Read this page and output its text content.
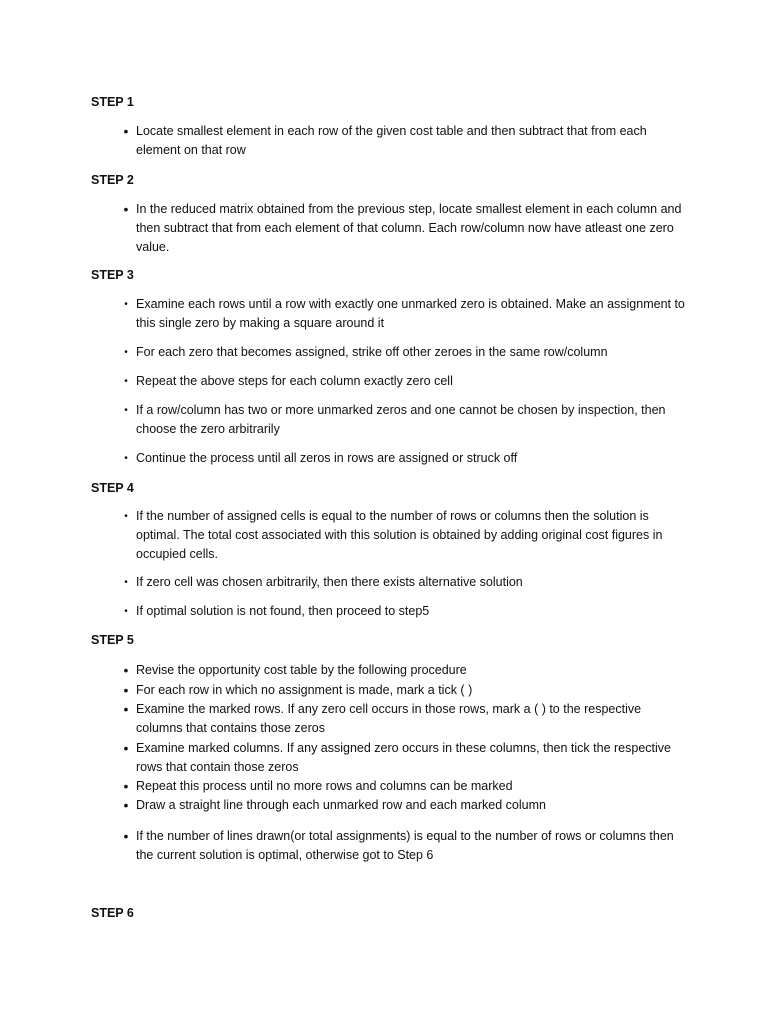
STEP 1
• Locate smallest element in each row of the given cost table and then subtract that from each element on that row
STEP 2
• In the reduced matrix obtained from the previous step, locate smallest element in each column and then subtract that from each element of that column. Each row/column now have atleast one zero value.
STEP 3
• Examine each rows until a row with exactly one unmarked zero is obtained. Make an assignment to this single zero by making a square around it
• For each zero that becomes assigned, strike off other zeroes in the same row/column
• Repeat the above steps for each column exactly zero cell
• If a row/column has two or more unmarked zeros and one cannot be chosen by inspection, then choose the zero arbitrarily
• Continue the process until all zeros in rows are assigned or struck off
STEP 4
• If the number of assigned cells is equal to the number of rows or columns then the solution is optimal. The total cost associated with this solution is obtained by adding original cost figures in occupied cells.
• If zero cell was chosen arbitrarily, then there exists alternative solution
• If optimal solution is not found, then proceed to step5
STEP 5
• Revise the opportunity cost table by the following procedure
• For each row in which no assignment is made, mark a tick ( )
• Examine the marked rows. If any zero cell occurs in those rows, mark a ( ) to the respective columns that contains those zeros
• Examine marked columns. If any assigned zero occurs in these columns, then tick the respective rows that contain those zeros
• Repeat this process until no more rows and columns can be marked
• Draw a straight line through each unmarked row and each marked column
• If the number of lines drawn(or total assignments) is equal to the number of rows or columns then the current solution is optimal, otherwise got to Step 6
STEP 6
